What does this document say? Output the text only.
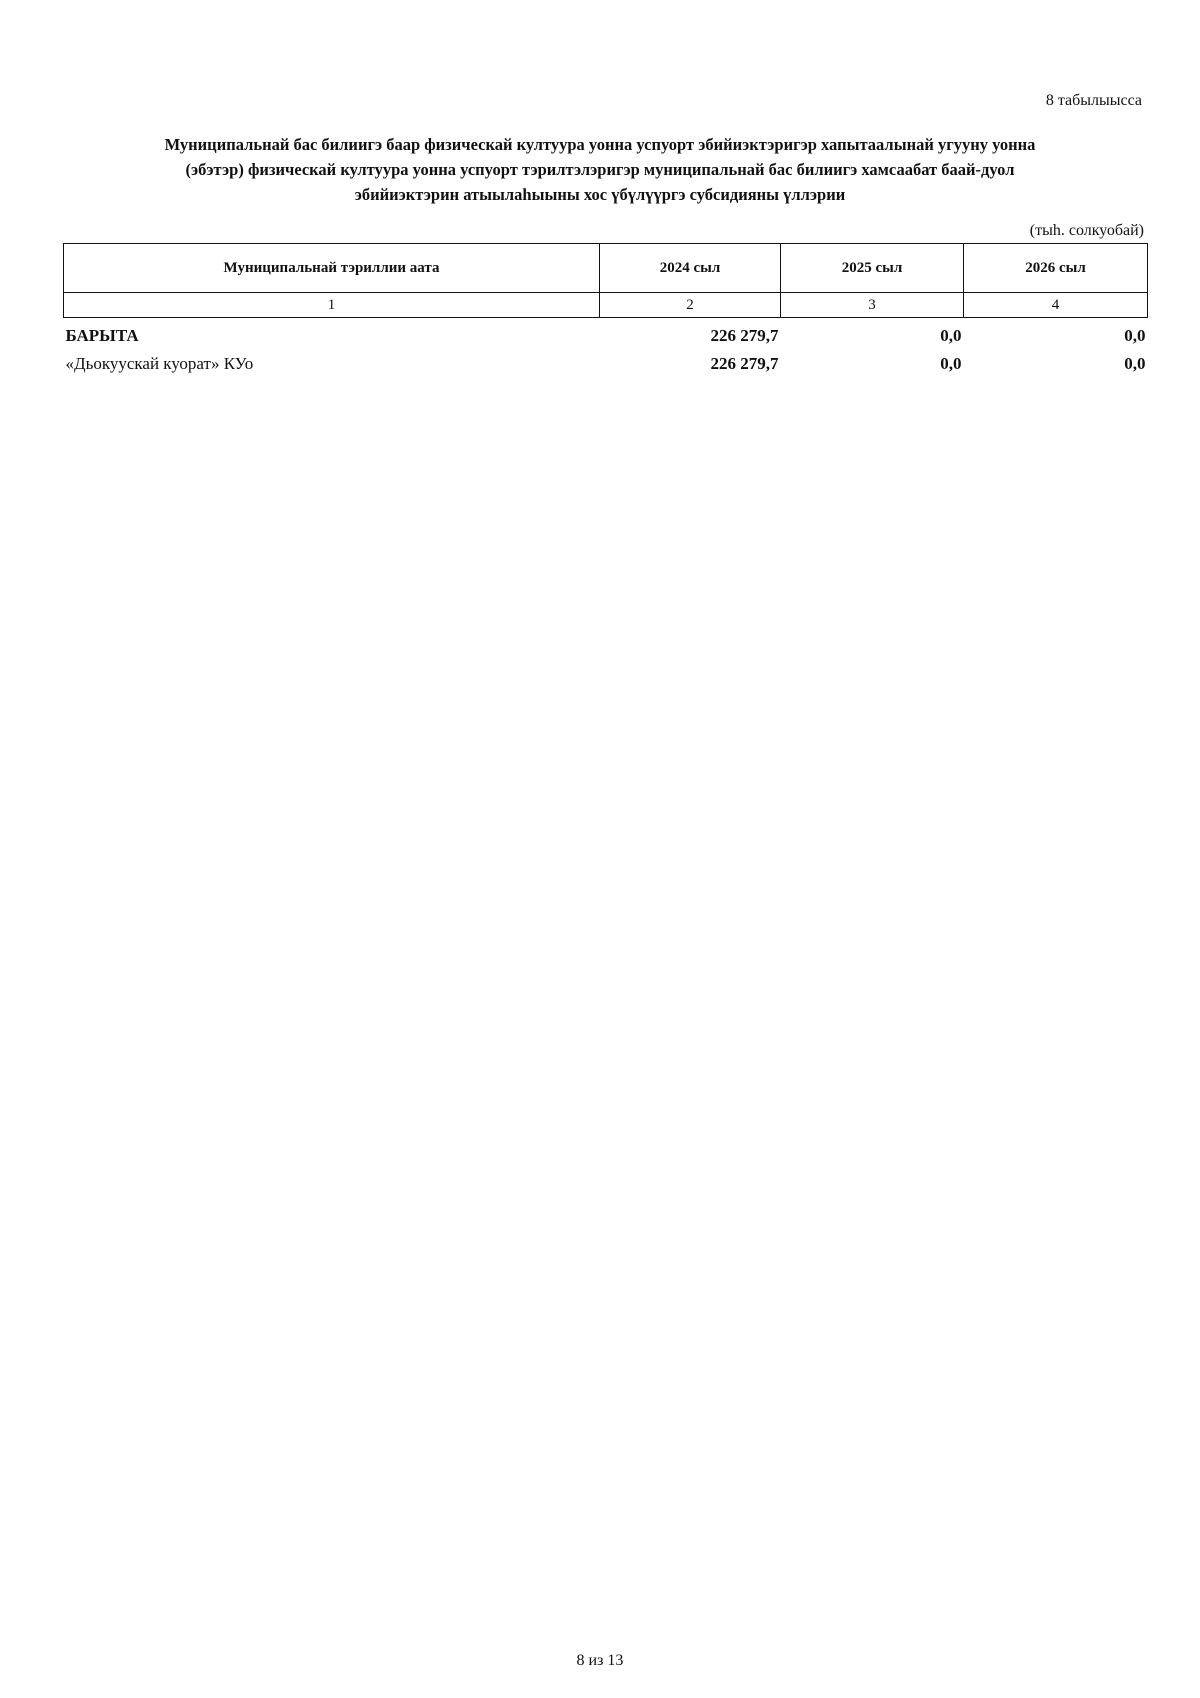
8 табылыысса
Муниципальнай бас билиигэ баар физическай култуура уонна успуорт эбийиэктэригэр хапытаалынай угууну уонна
(эбэтэр) физическай култуура уонна успуорт тэрилтэлэригэр муниципальнай бас билиигэ хамсаабат баай-дуол
эбийиэктэрин атыылаһыыны хос үбүлүүргэ субсидияны үллэрии
(тыһ. солкуобай)
Муниципальнай тэриллии аата	2024 сыл	2025 сыл	2026 сыл
1	2	3	4
БАРЫТА	226 279,7	0,0	0,0
«Дьокуускай куорат» КУо	226 279,7	0,0	0,0
8 из 13
